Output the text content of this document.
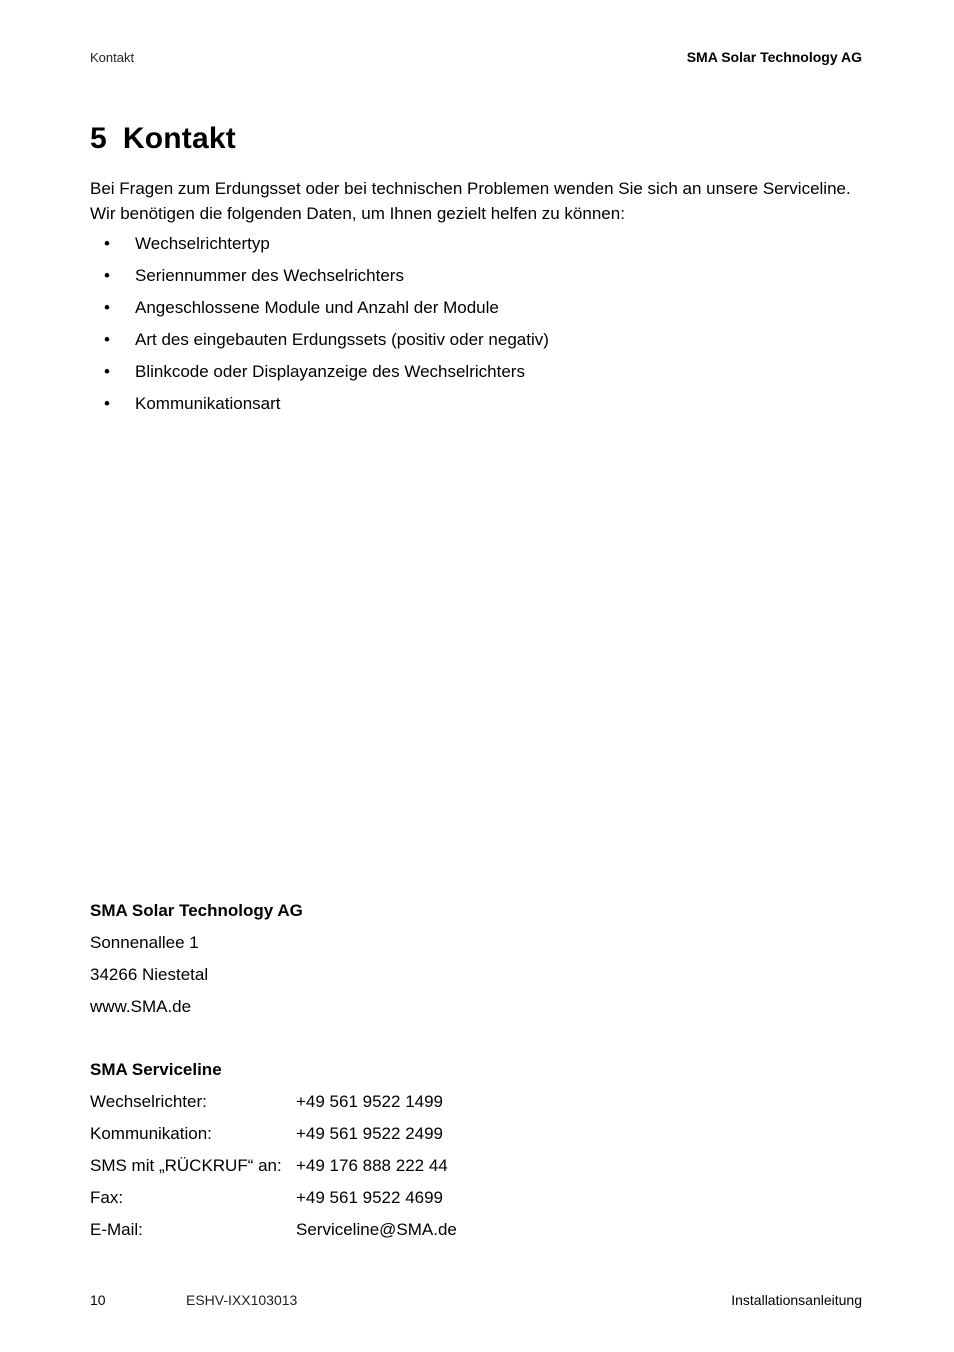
Kontakt	SMA Solar Technology AG
5 Kontakt
Bei Fragen zum Erdungsset oder bei technischen Problemen wenden Sie sich an unsere Serviceline.
Wir benötigen die folgenden Daten, um Ihnen gezielt helfen zu können:
• Wechselrichtertyp
• Seriennummer des Wechselrichters
• Angeschlossene Module und Anzahl der Module
• Art des eingebauten Erdungssets (positiv oder negativ)
• Blinkcode oder Displayanzeige des Wechselrichters
• Kommunikationsart
SMA Solar Technology AG
Sonnenallee 1
34266 Niestetal
www.SMA.de
SMA Serviceline
Wechselrichter:	+49 561 9522 1499
Kommunikation:	+49 561 9522 2499
SMS mit „RÜCKRUF“ an: +49 176 888 222 44
Fax:	+49 561 9522 4699
E-Mail:	Serviceline@SMA.de
10	ESHV-IXX103013	Installationsanleitung
